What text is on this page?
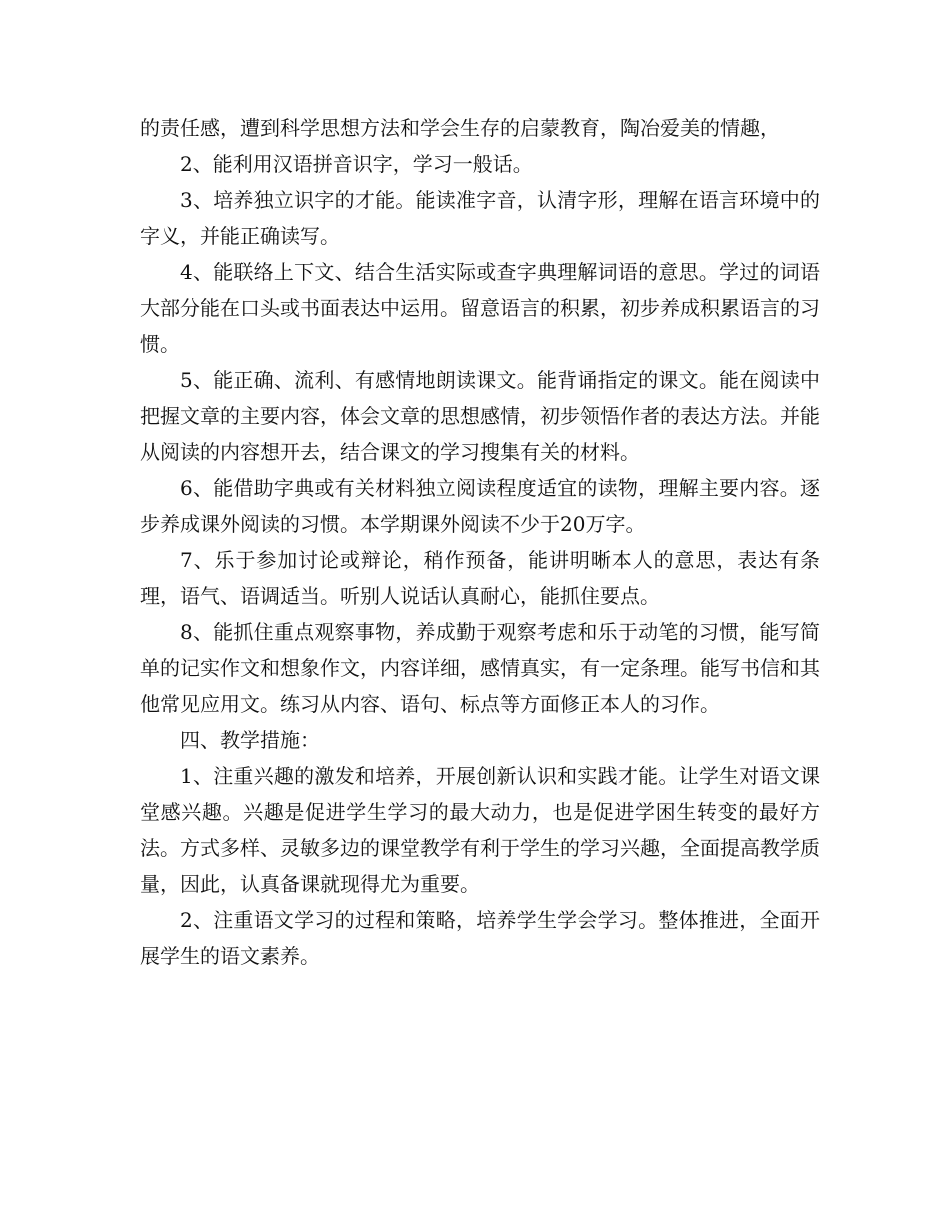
的责任感，遭到科学思想方法和学会生存的启蒙教育，陶冶爱美的情趣，

2、能利用汉语拼音识字，学习一般话。

3、培养独立识字的才能。能读准字音，认清字形，理解在语言环境中的字义，并能正确读写。

4、能联络上下文、结合生活实际或查字典理解词语的意思。学过的词语大部分能在口头或书面表达中运用。留意语言的积累，初步养成积累语言的习惯。

5、能正确、流利、有感情地朗读课文。能背诵指定的课文。能在阅读中把握文章的主要内容，体会文章的思想感情，初步领悟作者的表达方法。并能从阅读的内容想开去，结合课文的学习搜集有关的材料。

6、能借助字典或有关材料独立阅读程度适宜的读物，理解主要内容。逐步养成课外阅读的习惯。本学期课外阅读不少于20万字。

7、乐于参加讨论或辩论，稍作预备，能讲明晰本人的意思，表达有条理，语气、语调适当。听别人说话认真耐心，能抓住要点。

8、能抓住重点观察事物，养成勤于观察考虑和乐于动笔的习惯，能写简单的记实作文和想象作文，内容详细，感情真实，有一定条理。能写书信和其他常见应用文。练习从内容、语句、标点等方面修正本人的习作。

四、教学措施：

1、注重兴趣的激发和培养，开展创新认识和实践才能。让学生对语文课堂感兴趣。兴趣是促进学生学习的最大动力，也是促进学困生转变的最好方法。方式多样、灵敏多边的课堂教学有利于学生的学习兴趣，全面提高教学质量，因此，认真备课就现得尤为重要。

2、注重语文学习的过程和策略，培养学生学会学习。整体推进，全面开展学生的语文素养。
